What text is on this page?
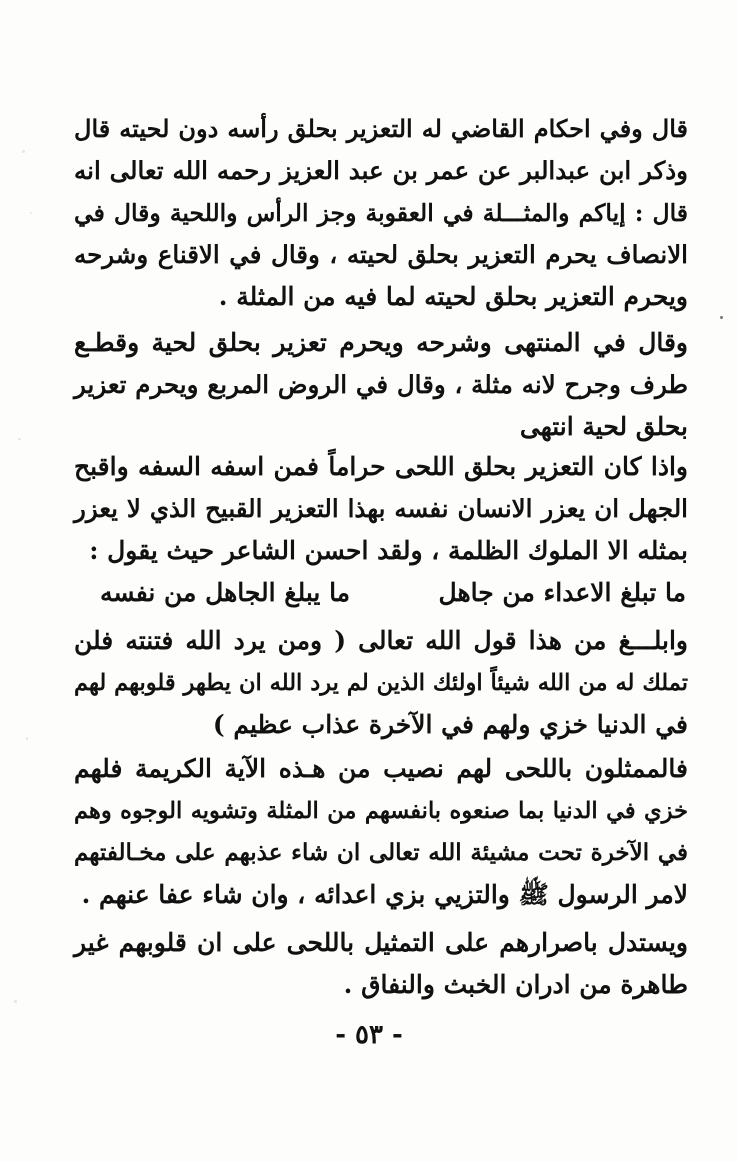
قال وفي احكام القاضي له التعزير بحلق رأسه دون لحيته قال
وذكر ابن عبدالبر عن عمر بن عبد العزيز رحمه الله تعالى انه
قال : إياكم والمثـــلة في العقوبة وجز الرأس واللحية وقال في
الانصاف يحرم التعزير بحلق لحيته ، وقال في الاقناع وشرحه
ويحرم التعزير بحلق لحيته لما فيه من المثلة .
وقال في المنتهى وشرحه ويحرم تعزير بحلق لحية وقطـع
طرف وجرح لانه مثلة ، وقال في الروض المربع ويحرم تعزير
بحلق لحية انتهى
واذا كان التعزير بحلق اللحى حراماً فمن اسفه السفه واقبح
الجهل ان يعزر الانسان نفسه بهذا التعزير القبيح الذي لا يعزر
بمثله الا الملوك الظلمة ، ولقد احسن الشاعر حيث يقول :
ما تبلغ الاعداء من جاهل
ما يبلغ الجاهل من نفسه
وابلـــغ من هذا قول الله تعالى ( ومن يرد الله فتنته فلن
تملك له من الله شيئاً اولئك الذين لم يرد الله ان يطهر قلوبهم لهم
في الدنيا خزي ولهم في الآخرة عذاب عظيم )
فالممثلون باللحى لهم نصيب من هـذه الآية الكريمة فلهم
خزي في الدنيا بما صنعوه بانفسهم من المثلة وتشويه الوجوه وهم
في الآخرة تحت مشيئة الله تعالى ان شاء عذبهم على مخـالفتهم
لامر الرسول ﷺ والتزيي بزي اعدائه ، وان شاء عفا عنهم .
ويستدل باصرارهم على التمثيل باللحى على ان قلوبهم غير
طاهرة من ادران الخبث والنفاق .
- ٥٣ -
